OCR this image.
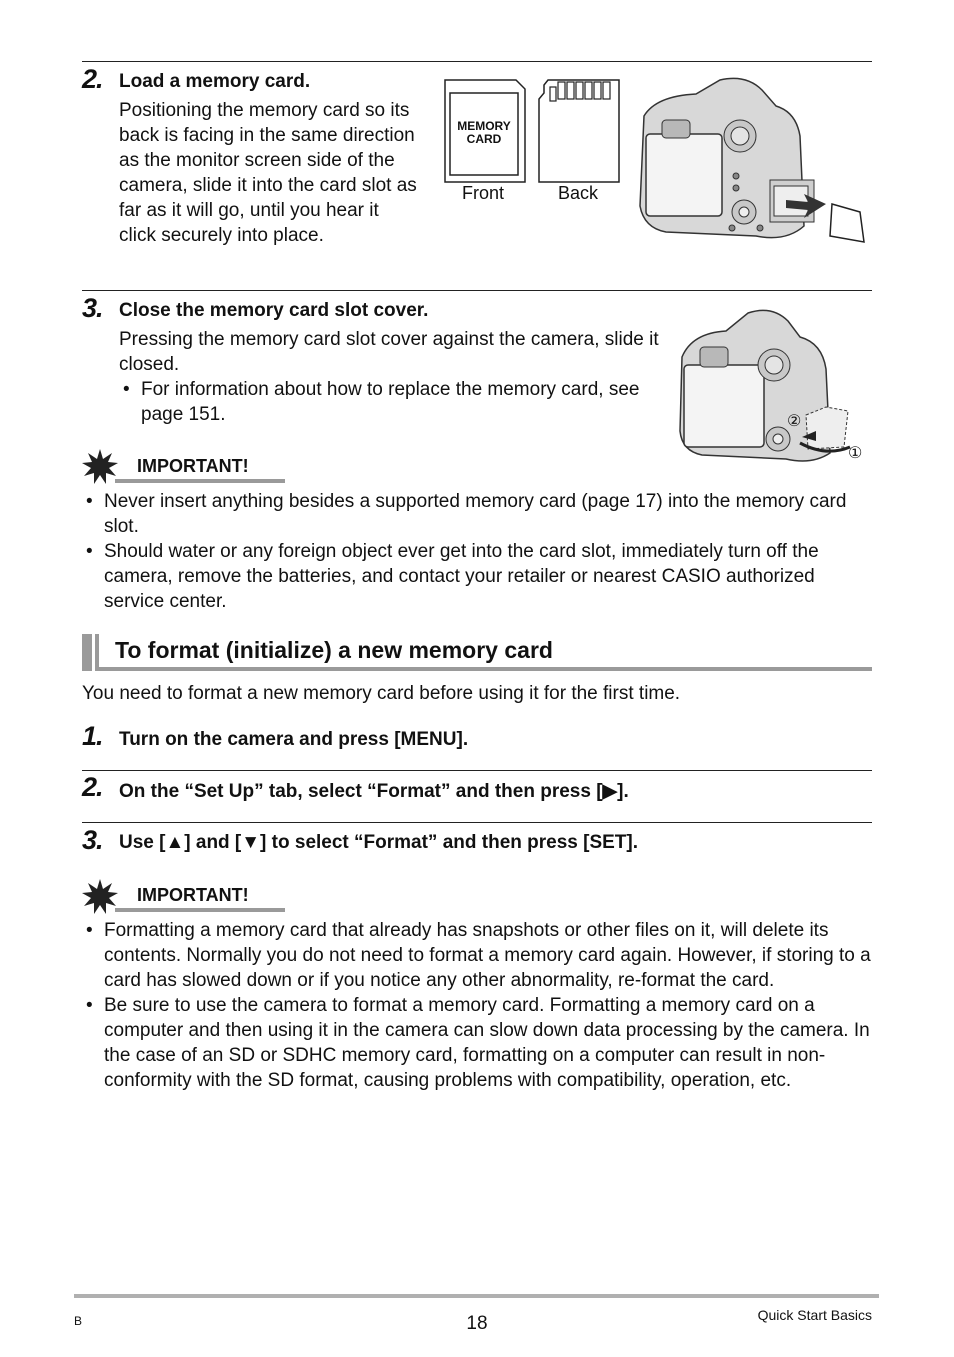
2. Load a memory card.
Positioning the memory card so its back is facing in the same direction as the monitor screen side of the camera, slide it into the card slot as far as it will go, until you hear it click securely into place.
MEMORY CARD
Front	Back
3. Close the memory card slot cover.
Pressing the memory card slot cover against the camera, slide it closed.
• For information about how to replace the memory card, see page 151.	②
①
IMPORTANT!
• Never insert anything besides a supported memory card (page 17) into the memory card slot.
• Should water or any foreign object ever get into the card slot, immediately turn off the camera, remove the batteries, and contact your retailer or nearest CASIO authorized service center.
To format (initialize) a new memory card
You need to format a new memory card before using it for the first time.
1. Turn on the camera and press [MENU].
2. On the “Set Up” tab, select “Format” and then press [▶].
3. Use [▲] and [▼] to select “Format” and then press [SET].
IMPORTANT!
• Formatting a memory card that already has snapshots or other files on it, will delete its contents. Normally you do not need to format a memory card again. However, if storing to a card has slowed down or if you notice any other abnormality, re-format the card.
• Be sure to use the camera to format a memory card. Formatting a memory card on a computer and then using it in the camera can slow down data processing by the camera. In the case of an SD or SDHC memory card, formatting on a computer can result in non-conformity with the SD format, causing problems with compatibility, operation, etc.
B	18	Quick Start Basics
